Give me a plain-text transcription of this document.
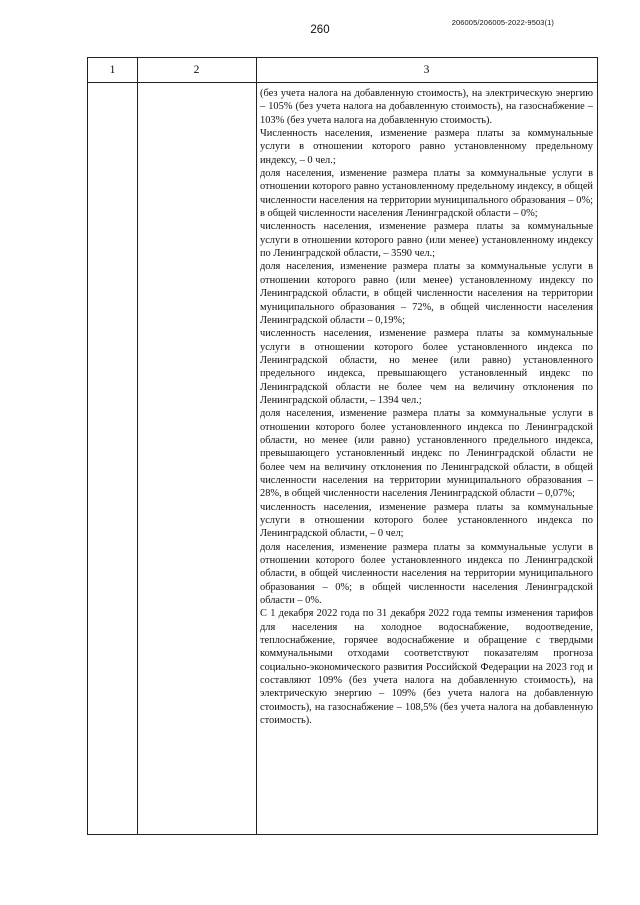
260
206005/206005-2022-9503(1)
1	2	3

(без учета налога на добавленную стоимость), на электрическую энергию – 105% (без учета налога на добавленную стоимость), на газоснабжение – 103% (без учета налога на добавленную стоимость).

Численность населения, изменение размера платы за коммунальные услуги в отношении которого равно установленному предельному индексу, – 0 чел.;

доля населения, изменение размера платы за коммунальные услуги в отношении которого равно установленному предельному индексу, в общей численности населения на территории муниципального образования – 0%; в общей численности населения Ленинградской области – 0%;

численность населения, изменение размера платы за коммунальные услуги в отношении которого равно (или менее) установленному индексу по Ленинградской области, – 3590 чел.;

доля населения, изменение размера платы за коммунальные услуги в отношении которого равно (или менее) установленному индексу по Ленинградской области, в общей численности населения на территории муниципального образования – 72%, в общей численности населения Ленинградской области – 0,19%;

численность населения, изменение размера платы за коммунальные услуги в отношении которого более установленного индекса по Ленинградской области, но менее (или равно) установленного предельного индекса, превышающего установленный индекс по Ленинградской области не более чем на величину отклонения по Ленинградской области, – 1394 чел.;

доля населения, изменение размера платы за коммунальные услуги в отношении которого более установленного индекса по Ленинградской области, но менее (или равно) установленного предельного индекса, превышающего установленный индекс по Ленинградской области не более чем на величину отклонения по Ленинградской области, в общей численности населения на территории муниципального образования – 28%, в общей численности населения Ленинградской области – 0,07%;

численность населения, изменение размера платы за коммунальные услуги в отношении которого более установленного индекса по Ленинградской области, – 0 чел;

доля населения, изменение размера платы за коммунальные услуги в отношении которого более установленного индекса по Ленинградской области, в общей численности населения на территории муниципального образования – 0%; в общей численности населения Ленинградской области – 0%.

С 1 декабря 2022 года по 31 декабря 2022 года темпы изменения тарифов для населения на холодное водоснабжение, водоотведение, теплоснабжение, горячее водоснабжение и обращение с твердыми коммунальными отходами соответствуют показателям прогноза социально-экономического развития Российской Федерации на 2023 год и составляют 109% (без учета налога на добавленную стоимость), на электрическую энергию – 109% (без учета налога на добавленную стоимость), на газоснабжение – 108,5% (без учета налога на добавленную стоимость).
